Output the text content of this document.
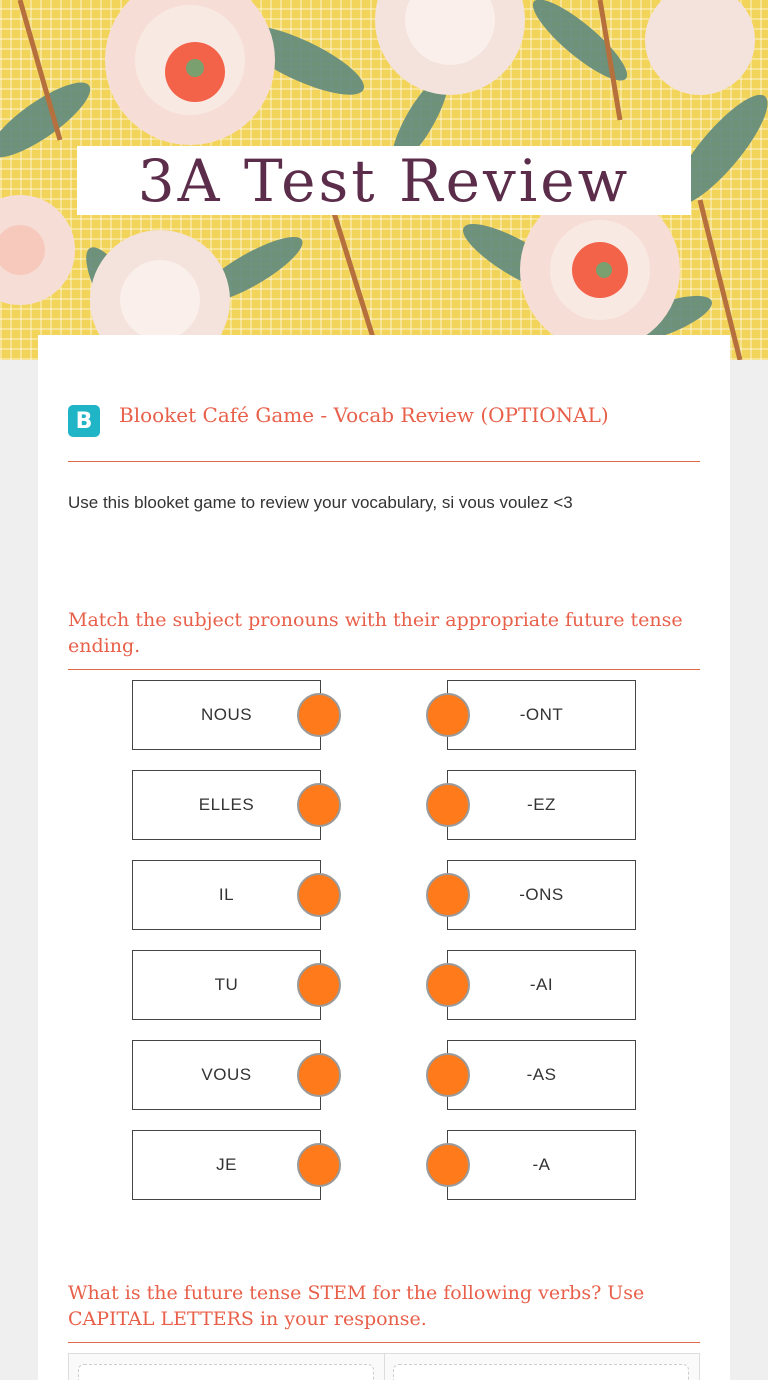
3A Test Review
B	Blooket Café Game - Vocab Review (OPTIONAL)
Use this blooket game to review your vocabulary, si vous voulez <3
Match the subject pronouns with their appropriate future tense ending.
NOUS	-ONT
ELLES	-EZ
IL	-ONS
TU	-AI
VOUS	-AS
JE	-A
What is the future tense STEM for the following verbs? Use CAPITAL LETTERS in your response.
